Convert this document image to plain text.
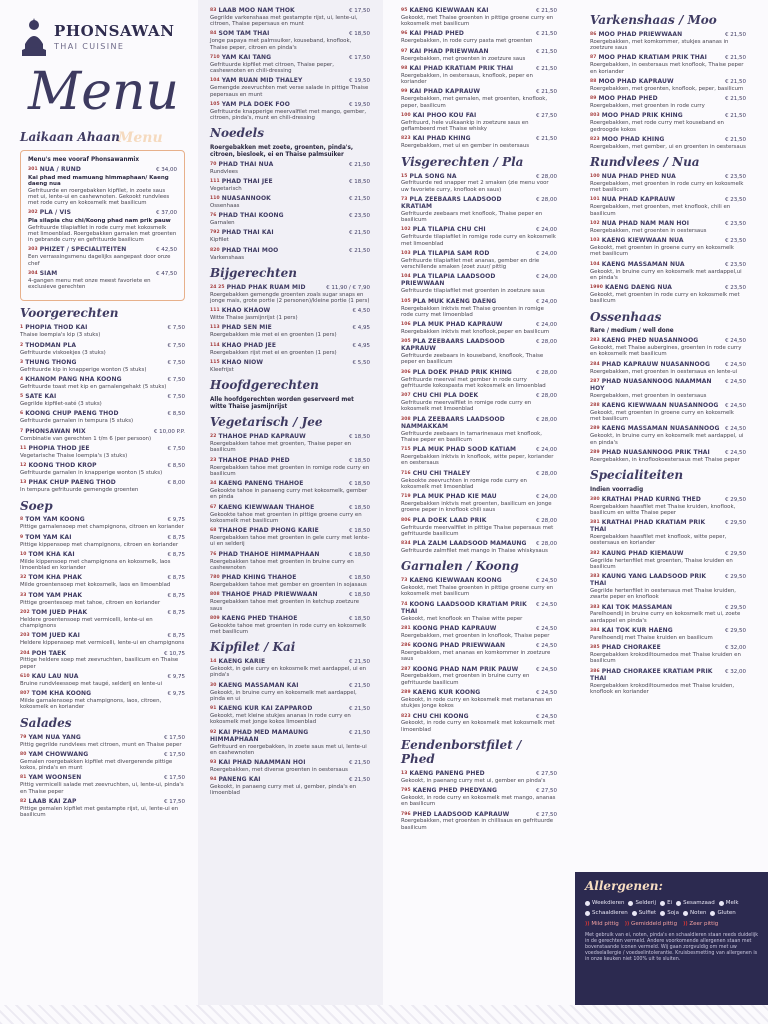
PHONSAWAN
THAI CUISINE
Menu
Laikaan Ahaan
Menu
Menu's mee vooraf Phonsawanmix
301 NUA / RUND	€ 34,00
Kai phad med mamuang himmaphaan/ Kaeng daeng nua
Gefrituurde en roergebakken kipfilet, in zoete saus met ui, lente-ui en cashewnoten. Gekookt rundvlees met rode curry en kokosmelk met basilicum
302 PLA / VIS	€ 37,00
Pla silapia chu chi/Koong phad nam prik pauw
Gefrituurde tilapiafilet in rode curry met kokosmelk met limoenblad. Roergebakken garnalen met groenten in gebrande curry en gefrituurde basilicum
303 PHIZET / SPECIALITEITEN	€ 42,50
Een verrassingsmenu dagelijks aangepast door onze chef
304 SIAM	€ 47,50
4-gangen menu met onze meest favoriete en exclusieve gerechten
Voorgerechten
1 PHOPIA THOD KAI	€ 7,50
Thaise loempia's kip (3 stuks)
2 THODMAN PLA	€ 7,50
Gefrituurde viskoekjes (3 stuks)
3 THUNG THONG	€ 7,50
Gefrituurde kip in knapperige wonton (5 stuks)
4 KHANOM PANG NHA KOONG	€ 7,50
Gefrituurde toast met kip en garnalengehakt (5 stuks)
5 SATE KAI	€ 7,50
Gegrilde kipfilet-saté (3 stuks)
6 KOONG CHUP PAENG THOD	€ 8,50
Gefrituurde garnalen in tempura (5 stuks)
7 PHONSAWAN MIX	€ 10,00 P.P.
Combinatie van gerechten 1 t/m 6 (per persoon)
11 PHOPIA THOD JEE	€ 7,50
Vegetarische Thaise loempia's (3 stuks)
12 KOONG THOD KROP	€ 8,50
Gefrituurde garnalen in knapperige wonton (5 stuks)
13 PHAK CHUP PAENG THOD	€ 8,00
In tempura gefrituurde gemengde groenten
Soep
8 TOM YAM KOONG	€ 9,75
Pittige garnalensoep met champignons, citroen en koriander
9 TOM YAM KAI	€ 8,75
Pittige kippensoep met champignons, citroen en koriander
10 TOM KHA KAI	€ 8,75
Milde kippensoep met champignons en kokosmelk, laos limoenblad en koriander
32 TOM KHA PHAK	€ 8,75
Milde groentensoep met kokosmelk, laos en limoenblad
33 TOM YAM PHAK	€ 8,75
Pittige groentesoep met tahoe, citroen en koriander
202 TOM JUED PHAK	€ 8,75
Heldere groentensoep met vermicelli, lente-ui en champignons
203 TOM JUED KAI	€ 8,75
Heldere kippensoep met vermicelli, lente-ui en champignons
204 POH TAEK	€ 10,75
Pittige heldere soep met zeevruchten, basilicum en Thaise peper
610 KAU LAU NUA	€ 9,75
Bruine rundvleessoep met taugé, selderij en lente-ui
807 TOM KHA KOONG	€ 9,75
Milde garnalensoep met champignons, laos, citroen, kokosmelk en koriander
Salades
79 YAM NUA YANG	€ 17,50
Pittig gegrilde rundvlees met citroen, munt en Thaise peper
80 YAM CHOWWANG	€ 17,50
Gemalen roergebakken kipfilet met divergerende pittige kokos, pinda's en munt
81 YAM WOONSEN	€ 17,50
Pittig vermicelli salade met zeevruchten, ui, lente-ui, pinda's en Thaise peper
82 LAAB KAI ZAP	€ 17,50
Pittige gemalen kipfilet met gestampte rijst, ui, lente-ui en basilicum
83 LAAB MOO NAM THOK	€ 17,50
Gegrilde varkenshaas met gestampte rijst, ui, lente-ui, citroen, Thaise pepersaus en munt
84 SOM TAM THAI	€ 18,50
Jonge papaya met palmsuiker, kouseband, knoflook, Thaise peper, citroen en pinda's
710 YAM KAI TANG	€ 17,50
Gefrituurde kipfilet met citroen, Thaise peper, cashewnoten en chili-dressing
104 YAM RUAN MID THALEY	€ 19,50
Gemengde zeevruchten met verse salade in pittige Thaise pepersaus en munt
105 YAM PLA DOEK FOO	€ 19,50
Gefrituurde knapperige meervalfilet met mango, gember, citroen, pinda's, munt en chili-dressing
Noedels
Roergebakken met zoete, groenten, pinda's, citroen, biesloek, ei en Thaise palmsuiker
70 PHAD THAI NUA	€ 21,50
Rundvlees
111 PHAD THAI JEE	€ 18,50
Vegetarisch
110 NUASANNOOK	€ 21,50
Ossenhaas
76 PHAD THAI KOONG	€ 23,50
Garnalen
792 PHAD THAI KAI	€ 21,50
Kipfilet
820 PHAD THAI MOO	€ 21,50
Varkenshaas
Bijgerechten
24 25 PHAD PHAK RUAM MID	€ 11,90 / € 7,90
Roergebakken gemengde groenten zoals sugar snaps en jonge mais, grote portie (2 personen)/kleine portie (1 pers)
111 KHAO KHAOW	€ 4,50
Witte Thaise jasmijnrijst (1 pers)
113 PHAD SEN MIE	€ 4,95
Roergebakken mie met ei en groenten (1 pers)
114 KHAO PHAD JEE	€ 4,95
Roergebakken rijst met ei en groenten (1 pers)
115 KHAO NIOW	€ 5,50
Kleefrijst
Hoofdgerechten
Alle hoofdgerechten worden geserveerd met witte Thaise jasmijnrijst
Vegetarisch / Jee
22 THAHOE PHAD KAPRAUW	€ 18,50
Roergebakken tahoe met groenten, Thaise peper en basilicum
23 THAHOE PHAD PHED	€ 18,50
Roergebakken tahoe met groenten in romige rode curry en basilicum
34 KAENG PANENG THAHOE	€ 18,50
Gekookte tahoe in panaeng curry met kokosmelk, gember en pinda
67 KAENG KIEWWAAN THAHOE	€ 18,50
Gekookte tahoe met groenten in pittige groene curry en kokosmelk met basilicum
68 THAHOE PHAD PHONG KARIE	€ 18,50
Roergebakken tahoe met groenten in gele curry met lente-ui en selderij
76 PHAD THAHOE HIMMAPHAAN	€ 18,50
Roergebakken tahoe met groenten in bruine curry en cashewnoten
780 PHAD KHING THAHOE	€ 18,50
Roergebakken tahoe met gember en groenten in sojasaus
808 THAHOE PHAD PRIEWWAAN	€ 18,50
Roergebakken tahoe met groenten in ketchup zoetzure saus
809 KAENG PHED THAHOE	€ 18,50
Gekookte tahoe met groenten in rode curry en kokosmelk met basilicum
Kipfilet / Kai
14 KAENG KARIE	€ 21,50
Gekookt, in gele curry en kokosmelk met aardappel, ui en pinda's
30 KAENG MASSAMAN KAI	€ 21,50
Gekookt, in bruine curry en kokosmelk met aardappel, pinda en ui
91 KAENG KUR KAI ZAPPAROD	€ 21,50
Gekookt, met kleine stukjes ananas in rode curry en kokosmelk met jonge kokos limoenblad
92 KAI PHAD MED MAMAUNG HIMMAPHAAN
€ 21,50
Gefrituurd en roergebakken, in zoete saus met ui, lente-ui en cashewnoten
93 KAI PHAD NAAMMAN HOI	€ 21,50
Roergebakken, met diverse groenten in oestersaus
94 PANENG KAI	€ 21,50
Gekookt, in panaeng curry met ui, gember, pinda's en limoenblad
95 KAENG KIEWWAAN KAI	€ 21,50
Gekookt, met Thaise groenten in pittige groene curry en kokosmelk met basilicum
96 KAI PHAD PHED	€ 21,50
Roergebakken, in rode curry pasta met groenten
97 KAI PHAD PRIEWWAAN	€ 21,50
Roergebakken, met groenten in zoetzure saus
98 KAI PHAD KRATIAM PRIK THAI	€ 21,50
Roergebakken, in oestersaus, knoflook, peper en koriander
99 KAI PHAD KAPRAUW	€ 21,50
Roergebakken, met gemalen, met groenten, knoflook, peper, basilicum
100 KAI PHOO KOU FAI	€ 27,50
Gefrituurd, hele vulkaankip in zoetzure saus en geflambeerd met Thaise whisky
823 KAI PHAD KHING	€ 21,50
Roergebakken, met ui en gember in oestersaus
Visgerechten / Pla
15 PLA SONG NA	€ 28,00
Gefrituurde red snapper met 2 smaken (zie menu voor uw favoriete curry, knoflook en saus)
73 PLA ZEEBAARS LAADSOOD KRATIAM
€ 28,00
Gefrituurde zeebaars met knoflook, Thaise peper en basilicum
102 PLA TILAPIA CHU CHI	€ 24,00
Gefrituurde tilapiafilet in romige rode curry en kokosmelk met limoenblad
103 PLA TILAPIA SAM ROD	€ 24,00
Gefrituurde tilapiafilet met ananas, gember en drie verschillende smaken (zoet zuur/ pittig
104 PLA TILAPIA LAADSOOD PRIEWWAAN
€ 24,00
Gefrituurde tilapiafilet met groenten in zoetzure saus
105 PLA MUK KAENG DAENG	€ 24,00
Roergebakken inktvis met Thaise groenten in romige rode curry met limoenblad
106 PLA MUK PHAD KAPRAUW	€ 24,00
Roergebakken inktvis met knoflook,peper en basilicum
305 PLA ZEEBAARS LAADSOOD KAPRAUW
€ 28,00
Gefrituurde zeebaars in kouseband, knoflook, Thaise peper en basilicum
306 PLA DOEK PHAD PRIK KHING	€ 28,00
Gefrituurde meerval met gember in rode curry gefrituurde kokospasta met kokosmelk en limoenblad
307 CHU CHI PLA DOEK	€ 28,00
Gefrituurde meervalfilet in romige rode curry en kokosmelk met limoenblad
308 PLA ZEEBAARS LAADSOOD NAMMAKKAM
€ 28,00
Gefrituurde zeebaars in tamarinesaus met knoflook, Thaise peper en basilicum
715 PLA MUK PHAD SOOD KATIAM	€ 24,00
Roergebakken inktvis in knoflook, witte peper, koriander en oestersaus
716 CHU CHI THALEY	€ 28,00
Gekookte zeevruchten in romige rode curry en kokosmelk met limoenblad
719 PLA MUK PHAD KIE MAU	€ 24,00
Roergebakken inktvis met groenten, basilicum en jonge groene peper in knoflook chili saus
806 PLA DOEK LAAD PRIK	€ 28,00
Gefrituurde meervalfilet in pittige Thaise pepersaus met gefrituurde basilicum
834 PLA ZALM LAADSOOD MAMAUNG	€ 28,00
Gefrituurde zalmfilet met mango in Thaise whiskysaus
Garnalen / Koong
73 KAENG KIEWWAAN KOONG	€ 24,50
Gekookt, met Thaise groenten in pittige groene curry en kokosmelk met basilicum
74 KOONG LAADSOOD KRATIAM PRIK THAI
€ 24,50
Gekookt, met knoflook en Thaise witte peper
281 KOONG PHAD KAPRAUW	€ 24,50
Roergebakken, met groenten in knoflook, Thaise peper
286 KOONG PHAD PRIEWWAAN	€ 24,50
Roergebakken, met ananas en komkommer in zoetzure saus
287 KOONG PHAD NAM PRIK PAUW	€ 24,50
Roergebakken, met groenten in bruine curry en gefrituurde basilicum
289 KAENG KUR KOONG	€ 24,50
Gekookt, in rode curry en kokosmelk met metananas en stukjes jonge kokos
823 CHU CHI KOONG	€ 24,50
Gekookt, in rode curry en kokosmelk met kokosmelk met limoenblad
Eendenborstfilet / Phed
13 KAENG PANENG PHED	€ 27,50
Gekookt, in paenang curry met ui, gember en pinda's
795 KAENG PHED PHEDYANG	€ 27,50
Gekookt, in rode curry en kokosmelk met mango, ananas en basilicum
796 PHED LAADSOOD KAPRAUW	€ 27,50
Roergebakken, met groenten in chillisaus en gefrituurde basilicum
Varkenshaas / Moo
86 MOO PHAD PRIEWWAAN	€ 21,50
Roergebakken, met komkommer, stukjes ananas in zoetzure saus
87 MOO PHAD KRATIAM PRIK THAI	€ 21,50
Roergebakken, in oestersaus met knoflook, Thaise peper en koriander
88 MOO PHAD KAPRAUW	€ 21,50
Roergebakken, met groenten, knoflook, peper, basilicum
89 MOO PHAD PHED	€ 21,50
Roergebakken, met groenten in rode curry
803 MOO PHAD PRIK KHING	€ 21,50
Roergebakken, met rode curry met kouseband en gedroogde kokos
823 MOO PHAD KHING	€ 21,50
Roergebakken, met gember, ui en groenten in oestersaus
Rundvlees / Nua
100 NUA PHAD PHED NUA	€ 23,50
Roergebakken, met groenten in rode curry en kokosmelk met basilicum
101 NUA PHAD KAPRAUW	€ 23,50
Roergebakken, met groenten, met knoflook, chili en basilicum
102 NUA PHAD NAM MAN HOI	€ 23,50
Roergebakken, met groenten in oestersaus
103 KAENG KIEWWAAN NUA	€ 23,50
Gekookt, met groenten in groene curry en kokosmelk met basilicum
104 KAENG MASSAMAN NUA	€ 23,50
Gekookt, in bruine curry en kokosmelk met aardappel,ui en pinda's
1990 KAENG DAENG NUA	€ 23,50
Gekookt, met groenten in rode curry en kokosmelk met basilicum
Ossenhaas
Rare / medium / well done
283 KAENG PHED NUASANNOOG	€ 24,50
Gekookt, met Thaise aubergines, groenten in rode curry en kokosmelk met basilicum
284 PHAD KAPRAUW NUASANNOOG	€ 24,50
Roergebakken, met groenten in oestersaus en lente-ui
287 PHAD NUASANNOOG NAAMMAN HOY
€ 24,50
Roergebakken, met groenten in oestersaus
288 KAENG KIEWWAAN NUASANNOOG	€ 24,50
Gekookt, met groenten in groene curry en kokosmelk met basilicum
289 KAENG MASSAMAN NUASANNOOG € 24,50
Gekookt, in bruine curry en kokosmelk met aardappel, ui en pinda's
289 PHAD NUASANNOOG PRIK THAI	€ 24,50
Roergebakken, in knoflookoestersaus met Thaise peper
Specialiteiten
Indien voorradig
380 KRATHAI PHAD KURNG THED	€ 29,50
Roergebakken haasfilet met Thaise kruiden, knoflook, basilicum en witte Thaise peper
381 KRATHAI PHAD KRATIAM PRIK THAI
€ 29,50
Roergebakken haasfilet met knoflook, witte peper, oestersaus en koriander
382 KAUNG PHAD KIEMAUW	€ 29,50
Gegrilde hertenfilet met groenten, Thaise kruiden en basilicum
383 KAUNG YANG LAADSOOD PRIK THAI
€ 29,50
Gegrilde hertenfilet in oestersaus met Thaise kruiden, zwarte peper en knoflook
383 KAI TOK MASSAMAN	€ 29,50
Parelhoendij in bruine curry en kokosmelk met ui, zoete aardappel en pinda's
384 KAI TOK KUR HAENG	€ 29,50
Parelhoendij met Thaise kruiden en basilicum
385 PHAD CHORAKEE	€ 32,00
Roergebakken krokodiltournedos met Thaise kruiden en basilicum
386 PHAD CHORAKEE KRATIAM PRIK THAI
€ 32,00
Roergebakken krokodiltournedos met Thaise kruiden, knoflook en koriander
Allergenen:
Weekdieren Selderij Ei Sesamzaad Melk
Schaaldieren Sulfiet Soja Noten Gluten
)) Mild pittig )) Gemiddeld pittig )) Zeer pittig
Met gebruik van ei, noten, pinda's en schaaldieren staan reeds duidelijk in de gerechten vermeld. Andere voorkomende allergenen staan met bovenstaande iconen vermeld. Wij gaan zorgvuldig om met uw voedselallergie / voedselintolerantie. Kruisbesmetting van allergenen is in onze keuken niet 100% uit te sluiten.
